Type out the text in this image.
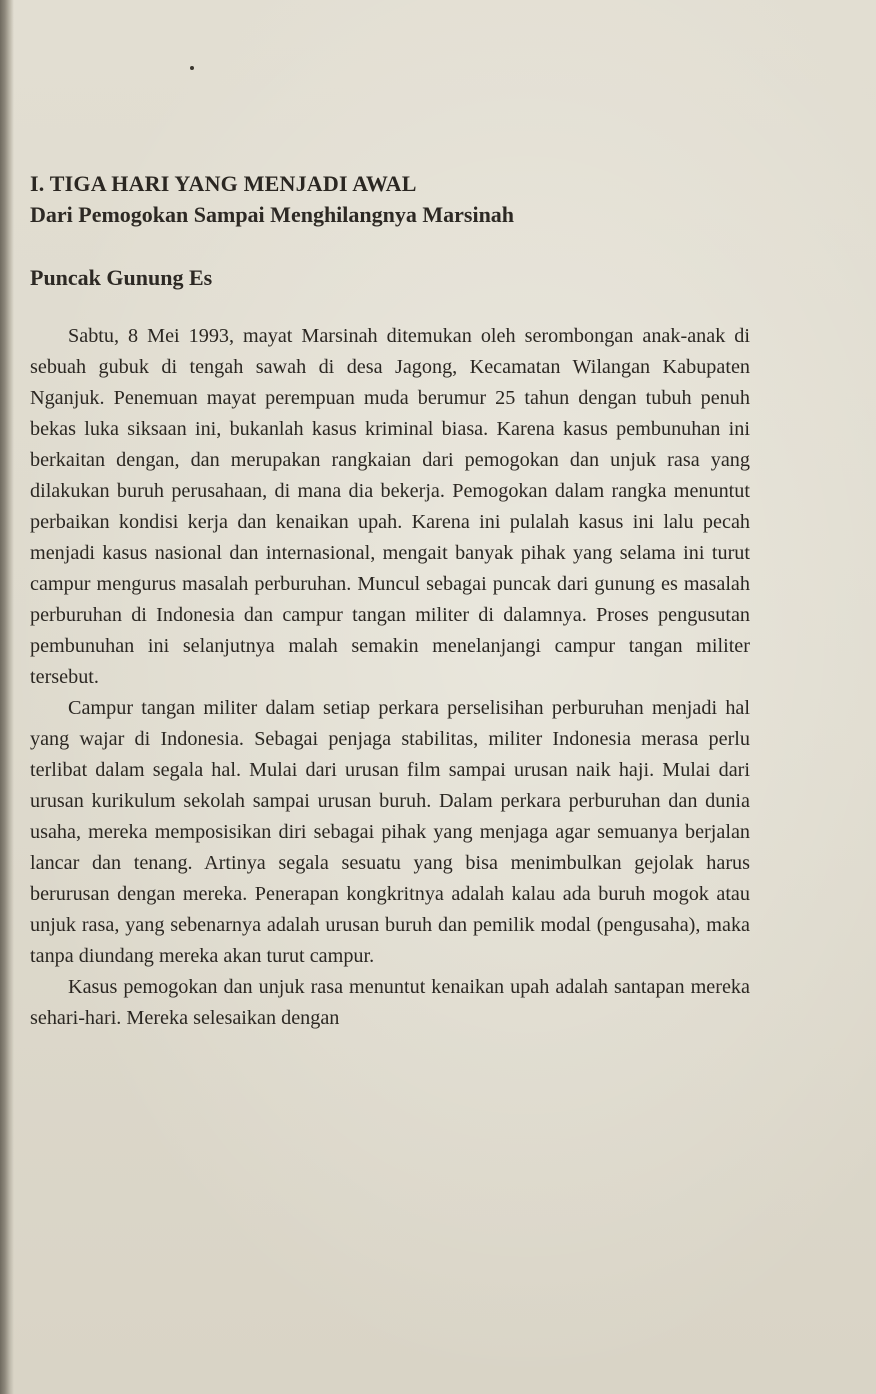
I. TIGA HARI YANG MENJADI AWAL
Dari Pemogokan Sampai Menghilangnya Marsinah
Puncak Gunung Es

Sabtu, 8 Mei 1993, mayat Marsinah ditemukan oleh serombongan anak-anak di sebuah gubuk di tengah sawah di desa Jagong, Kecamatan Wilangan Kabupaten Nganjuk. Penemuan mayat perempuan muda berumur 25 tahun dengan tubuh penuh bekas luka siksaan ini, bukanlah kasus kriminal biasa. Karena kasus pembunuhan ini berkaitan dengan, dan merupakan rangkaian dari pemogokan dan unjuk rasa yang dilakukan buruh perusahaan, di mana dia bekerja. Pemogokan dalam rangka menuntut perbaikan kondisi kerja dan kenaikan upah. Karena ini pulalah kasus ini lalu pecah menjadi kasus nasional dan internasional, mengait banyak pihak yang selama ini turut campur mengurus masalah perburuhan. Muncul sebagai puncak dari gunung es masalah perburuhan di Indonesia dan campur tangan militer di dalamnya. Proses pengusutan pembunuhan ini selanjutnya malah semakin menelanjangi campur tangan militer tersebut.

Campur tangan militer dalam setiap perkara perselisihan perburuhan menjadi hal yang wajar di Indonesia. Sebagai penjaga stabilitas, militer Indonesia merasa perlu terlibat dalam segala hal. Mulai dari urusan film sampai urusan naik haji. Mulai dari urusan kurikulum sekolah sampai urusan buruh. Dalam perkara perburuhan dan dunia usaha, mereka memposisikan diri sebagai pihak yang menjaga agar semuanya berjalan lancar dan tenang. Artinya segala sesuatu yang bisa menimbulkan gejolak harus berurusan dengan mereka. Penerapan kongkritnya adalah kalau ada buruh mogok atau unjuk rasa, yang sebenarnya adalah urusan buruh dan pemilik modal (pengusaha), maka tanpa diundang mereka akan turut campur.

Kasus pemogokan dan unjuk rasa menuntut kenaikan upah adalah santapan mereka sehari-hari. Mereka selesaikan dengan
